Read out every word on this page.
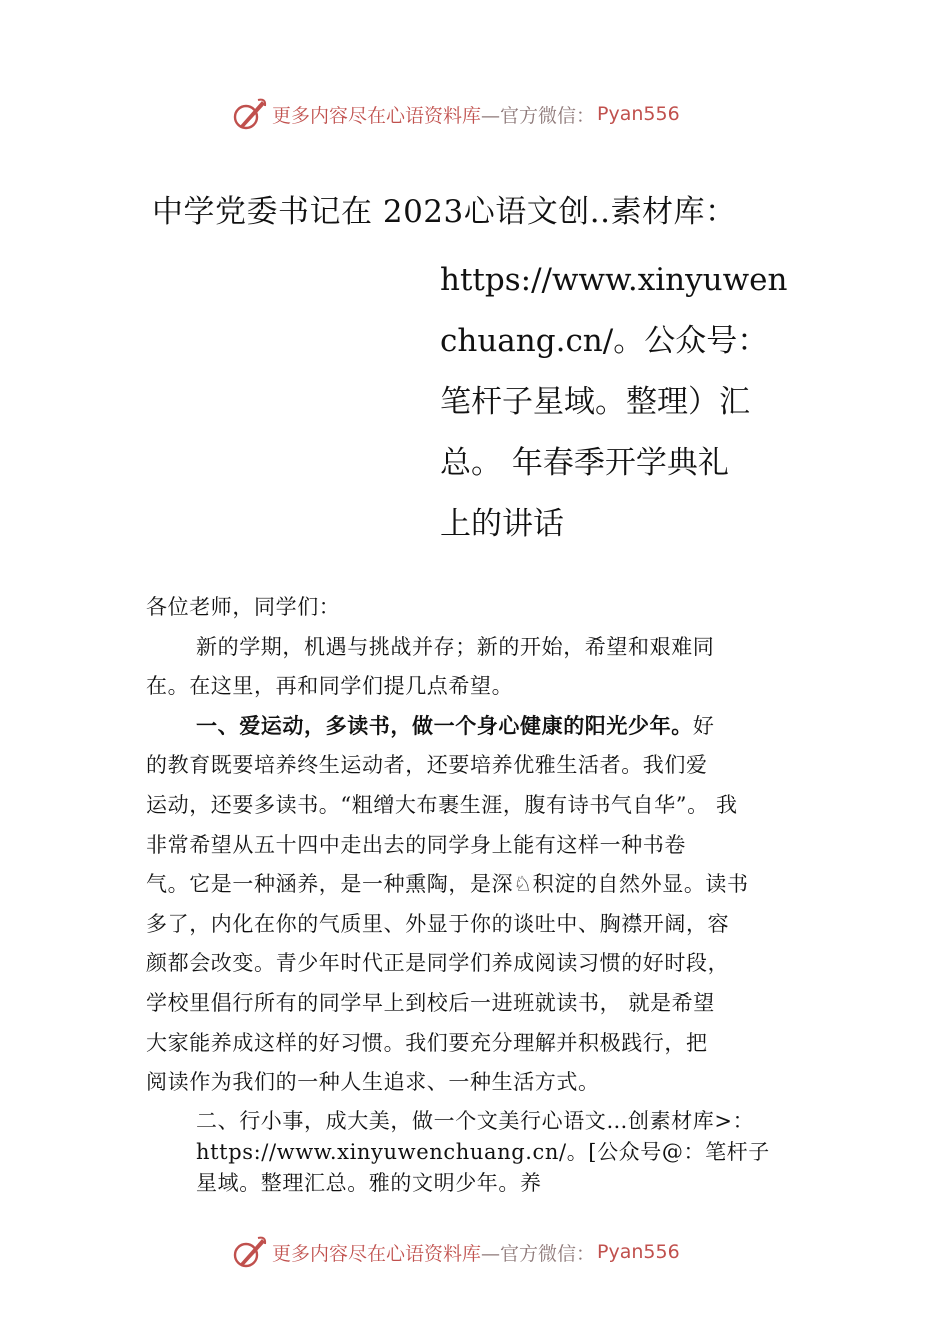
更多内容尽在心语资料库 —官方微信： Pyan556
中学党委书记在 2023心语文创..素材库：
https://www.xinyuwen
chuang.cn/。公众号：
笔杆子星域。整理）汇
总。 年春季开学典礼
上的讲话
各位老师，同学们：
新的学期，机遇与挑战并存；新的开始，希望和艰难同
在。在这里，再和同学们提几点希望。
一、爱运动，多读书，做一个身心健康的阳光少年。好
的教育既要培养终生运动者，还要培养优雅生活者。我们爱
运动，还要多读书。“粗缯大布裹生涯，腹有诗书气自华”。 我
非常希望从五十四中走出去的同学身上能有这样一种书卷
气。它是一种涵养，是一种熏陶，是深♘积淀的自然外显。读书
多了，内化在你的气质里、外显于你的谈吐中、胸襟开阔，容
颜都会改变。青少年时代正是同学们养成阅读习惯的好时段，
学校里倡行所有的同学早上到校后一进班就读书， 就是希望
大家能养成这样的好习惯。我们要充分理解并积极践行，把
阅读作为我们的一种人生追求、一种生活方式。
二、行小事，成大美，做一个文美行心语文…创素材库>：
https://www.xinyuwenchuang.cn/。[公众号@：笔杆子
星域。整理汇总。雅的文明少年。养
更多内容尽在心语资料库 —官方微信： Pyan556
